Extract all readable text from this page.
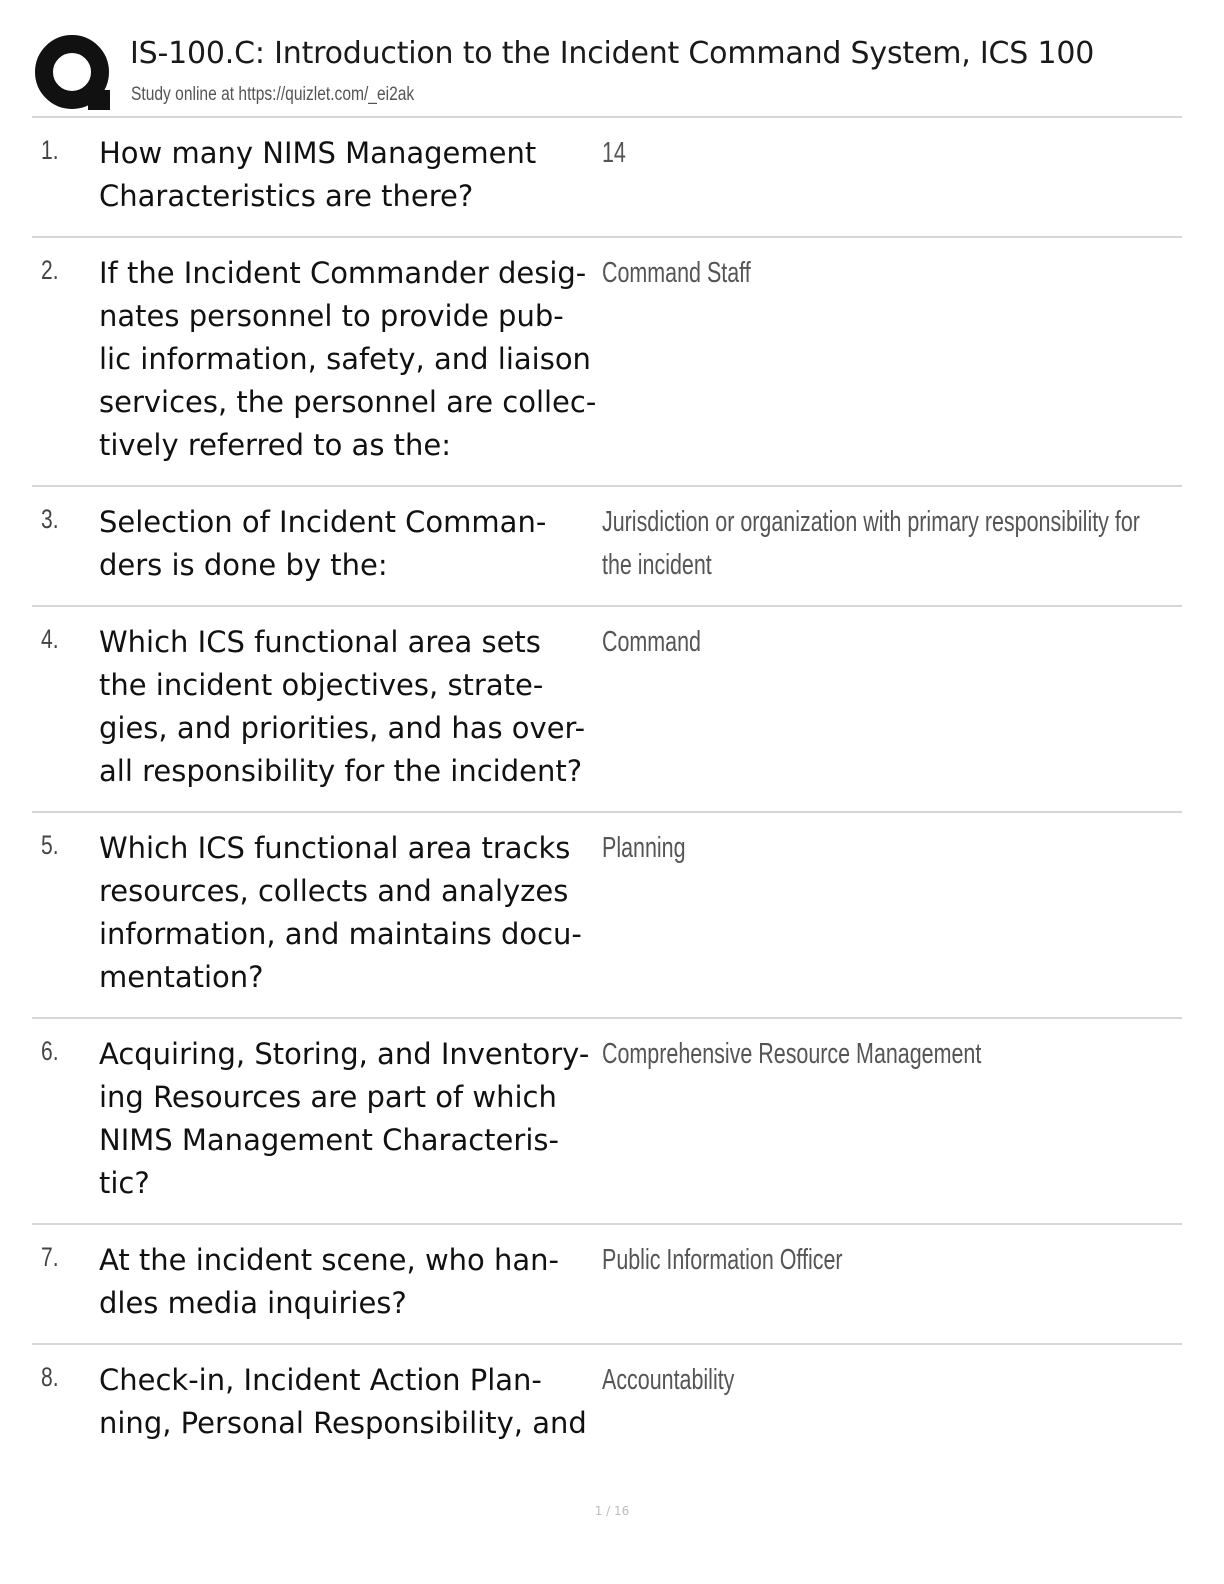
IS-100.C: Introduction to the Incident Command System, ICS 100
Study online at https://quizlet.com/_ei2ak
1. How many NIMS Management
Characteristics are there?
14
2. If the Incident Commander desig-
nates personnel to provide pub-
lic information, safety, and liaison
services, the personnel are collec-
tively referred to as the:
Command Staff
3. Selection of Incident Comman-
ders is done by the:
Jurisdiction or organization with primary responsibility for
the incident
4. Which ICS functional area sets
the incident objectives, strate-
gies, and priorities, and has over-
all responsibility for the incident?
Command
5. Which ICS functional area tracks
resources, collects and analyzes
information, and maintains docu-
mentation?
Planning
6. Acquiring, Storing, and Inventory-
ing Resources are part of which
NIMS Management Characteris-
tic?
Comprehensive Resource Management
7. At the incident scene, who han-
dles media inquiries?
Public Information Officer
8. Check-in, Incident Action Plan-
ning, Personal Responsibility, and
Accountability
1 / 16
